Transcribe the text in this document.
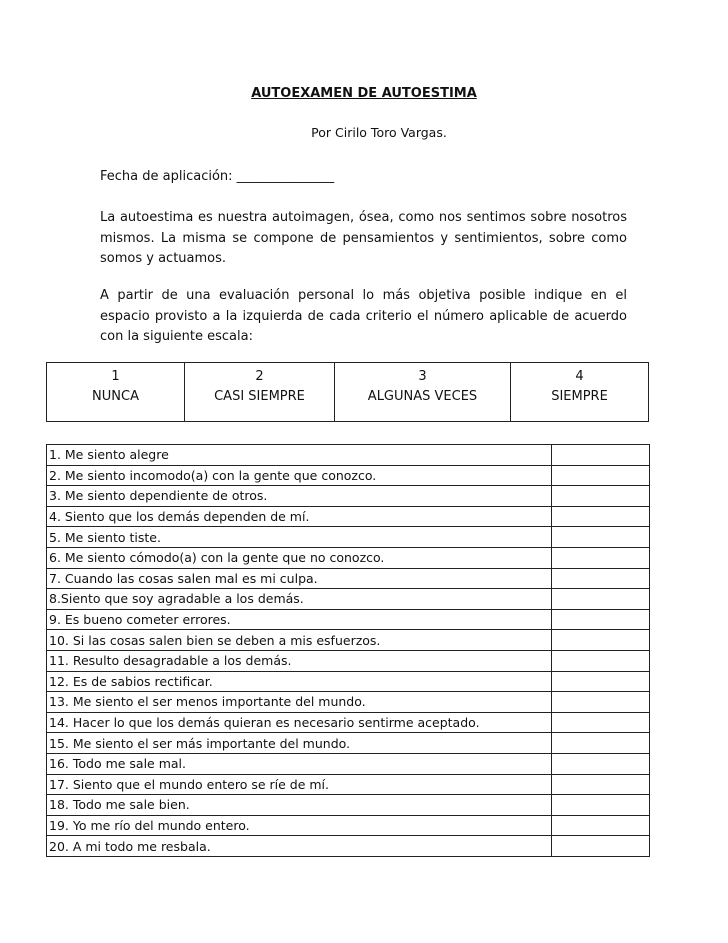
AUTOEXAMEN DE AUTOESTIMA
Por Cirilo Toro Vargas.
Fecha de aplicación: _______________
La autoestima es nuestra autoimagen, ósea, como nos sentimos sobre nosotros mismos. La misma se compone de pensamientos y sentimientos, sobre como somos y actuamos.
A partir de una evaluación personal lo más objetiva posible indique en el espacio provisto a la izquierda de cada criterio el número aplicable de acuerdo con la siguiente escala:
1
NUNCA

2
CASI SIEMPRE

3
ALGUNAS VECES

4
SIEMPRE
1. Me siento alegre	
2. Me siento incomodo(a) con la gente que conozco.	
3. Me siento dependiente de otros.	
4. Siento que los demás dependen de mí.	
5. Me siento tiste.	
6. Me siento cómodo(a) con la gente que no conozco.	
7. Cuando las cosas salen mal es mi culpa.	
8.Siento que soy agradable a los demás.	
9. Es bueno cometer errores.	
10. Si las cosas salen bien se deben a mis esfuerzos.	
11. Resulto desagradable a los demás.	
12. Es de sabios rectificar.	
13. Me siento el ser menos importante del mundo.	
14. Hacer lo que los demás quieran es necesario sentirme aceptado.	
15. Me siento el ser más importante del mundo.	
16. Todo me sale mal.	
17. Siento que el mundo entero se ríe de mí.	
18. Todo me sale bien.	
19. Yo me río del mundo entero.	
20. A mi todo me resbala.	
